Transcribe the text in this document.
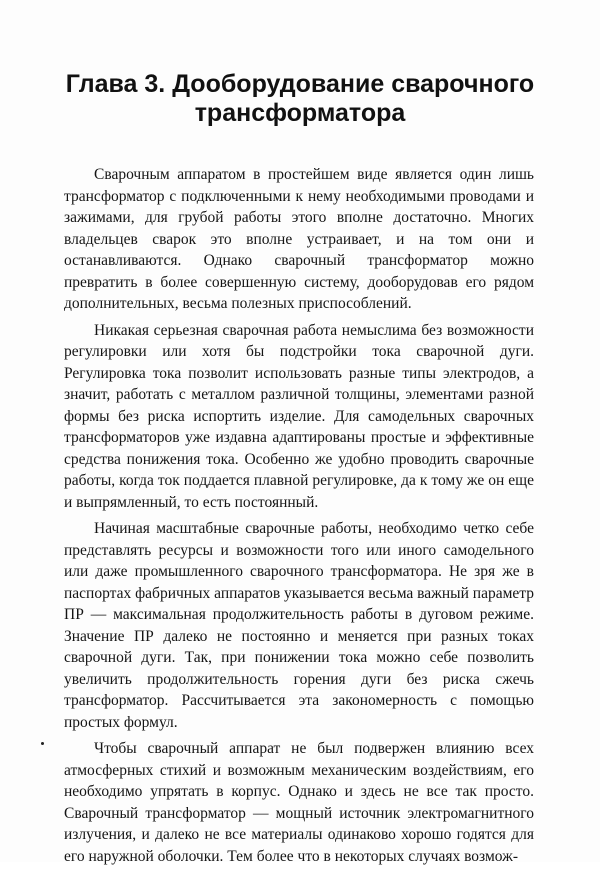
Глава 3. Дооборудование сварочного
трансформатора

Сварочным аппаратом в простейшем виде является один лишь трансформатор с подключенными к нему необходимыми проводами и зажимами, для грубой работы этого вполне достаточно. Многих владельцев сварок это вполне устраивает, и на том они и останавливаются. Однако сварочный трансформатор можно превратить в более совершенную систему, дооборудовав его рядом дополнительных, весьма полезных приспособлений.

Никакая серьезная сварочная работа немыслима без возможности регулировки или хотя бы подстройки тока сварочной дуги. Регулировка тока позволит использовать разные типы электродов, а значит, работать с металлом различной толщины, элементами разной формы без риска испортить изделие. Для самодельных сварочных трансформаторов уже издавна адаптированы простые и эффективные средства понижения тока. Особенно же удобно проводить сварочные работы, когда ток поддается плавной регулировке, да к тому же он еще и выпрямленный, то есть постоянный.

Начиная масштабные сварочные работы, необходимо четко себе представлять ресурсы и возможности того или иного самодельного или даже промышленного сварочного трансформатора. Не зря же в паспортах фабричных аппаратов указывается весьма важный параметр ПР — максимальная продолжительность работы в дуговом режиме. Значение ПР далеко не постоянно и меняется при разных токах сварочной дуги. Так, при понижении тока можно себе позволить увеличить продолжительность горения дуги без риска сжечь трансформатор. Рассчитывается эта закономерность с помощью простых формул.

Чтобы сварочный аппарат не был подвержен влиянию всех атмосферных стихий и возможным механическим воздействиям, его необходимо упрятать в корпус. Однако и здесь не все так просто. Сварочный трансформатор — мощный источник электромагнитного излучения, и далеко не все материалы одинаково хорошо годятся для его наружной оболочки. Тем более что в некоторых случаях возмож-
